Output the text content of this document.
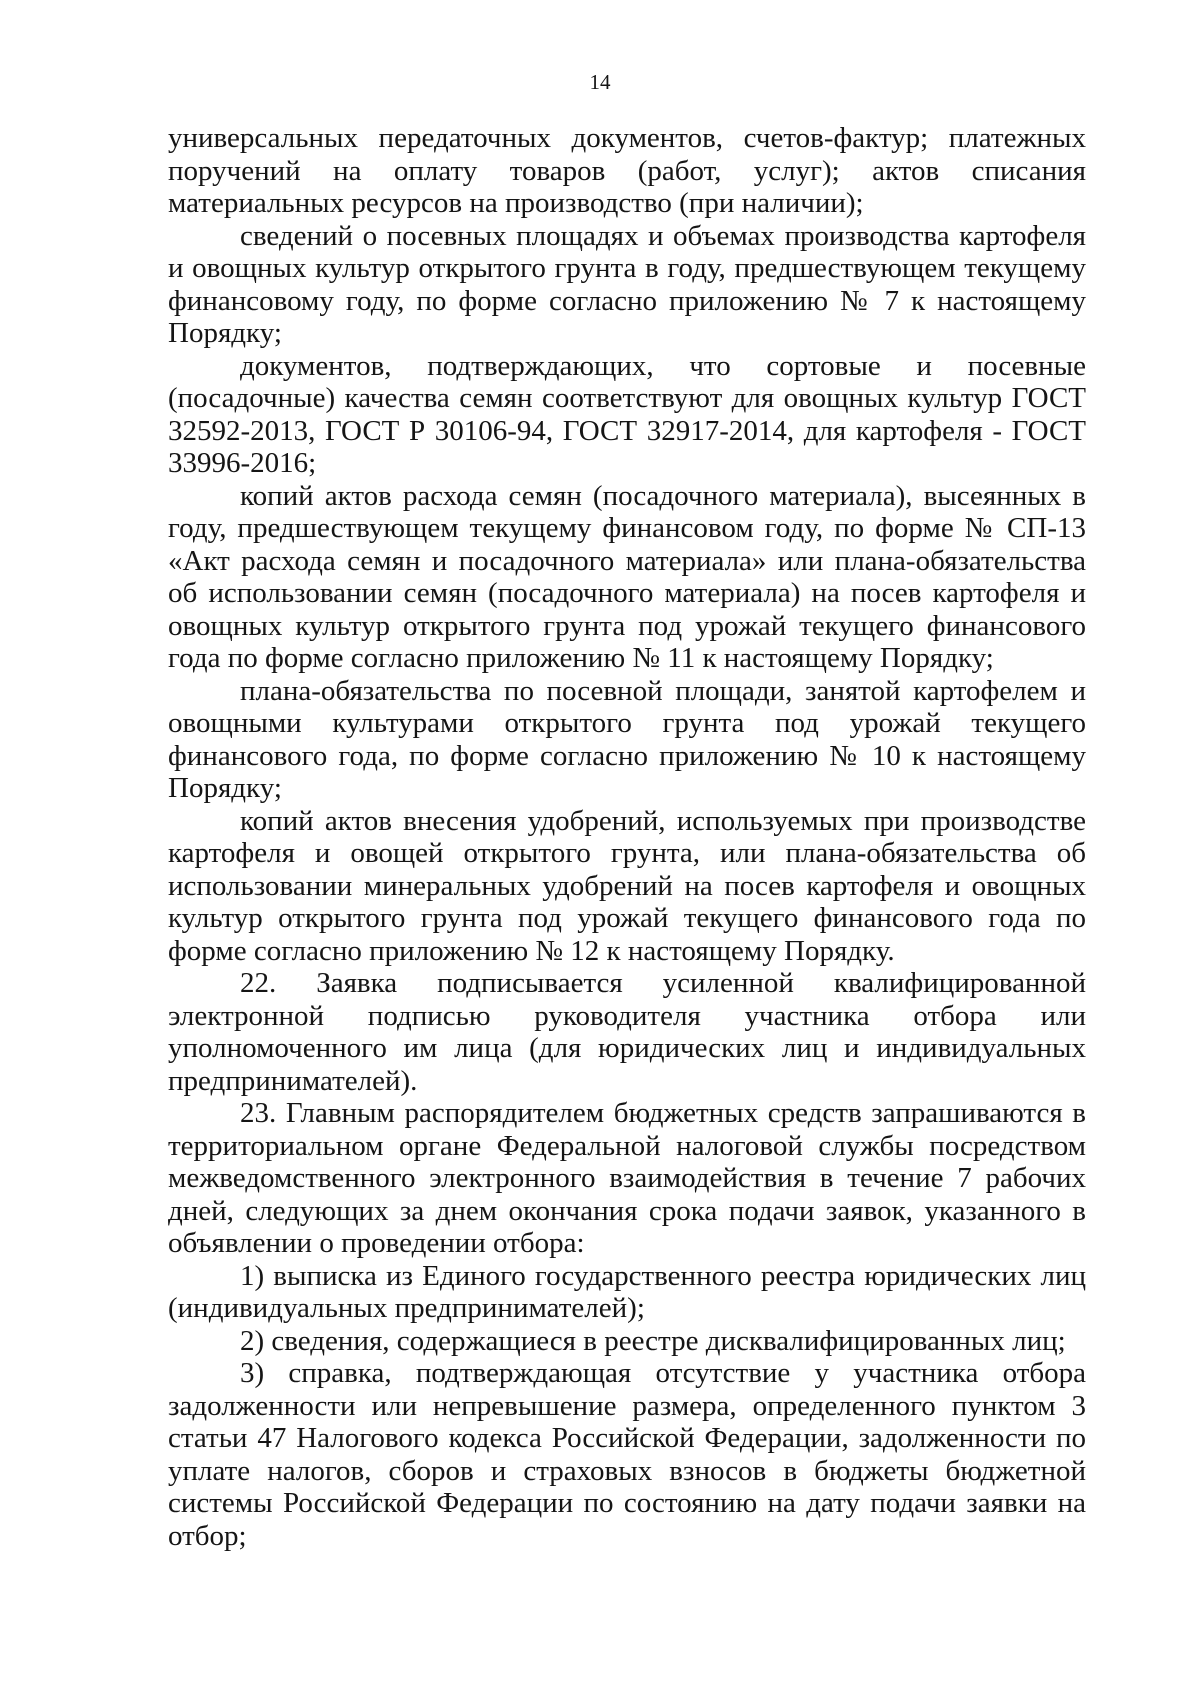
14

универсальных передаточных документов, счетов-фактур; платежных поручений на оплату товаров (работ, услуг); актов списания материальных ресурсов на производство (при наличии);

сведений о посевных площадях и объемах производства картофеля и овощных культур открытого грунта в году, предшествующем текущему финансовому году, по форме согласно приложению № 7 к настоящему Порядку;

документов, подтверждающих, что сортовые и посевные (посадочные) качества семян соответствуют для овощных культур ГОСТ 32592-2013, ГОСТ Р 30106-94, ГОСТ 32917-2014, для картофеля - ГОСТ 33996-2016;

копий актов расхода семян (посадочного материала), высеянных в году, предшествующем текущему финансовом году, по форме № СП-13 «Акт расхода семян и посадочного материала» или плана-обязательства об использовании семян (посадочного материала) на посев картофеля и овощных культур открытого грунта под урожай текущего финансового года по форме согласно приложению № 11 к настоящему Порядку;

плана-обязательства по посевной площади, занятой картофелем и овощными культурами открытого грунта под урожай текущего финансового года, по форме согласно приложению № 10 к настоящему Порядку;

копий актов внесения удобрений, используемых при производстве картофеля и овощей открытого грунта, или плана-обязательства об использовании минеральных удобрений на посев картофеля и овощных культур открытого грунта под урожай текущего финансового года по форме согласно приложению № 12 к настоящему Порядку.

22. Заявка подписывается усиленной квалифицированной электронной подписью руководителя участника отбора или уполномоченного им лица (для юридических лиц и индивидуальных предпринимателей).

23. Главным распорядителем бюджетных средств запрашиваются в территориальном органе Федеральной налоговой службы посредством межведомственного электронного взаимодействия в течение 7 рабочих дней, следующих за днем окончания срока подачи заявок, указанного в объявлении о проведении отбора:

1) выписка из Единого государственного реестра юридических лиц (индивидуальных предпринимателей);

2) сведения, содержащиеся в реестре дисквалифицированных лиц;

3) справка, подтверждающая отсутствие у участника отбора задолженности или непревышение размера, определенного пунктом 3 статьи 47 Налогового кодекса Российской Федерации, задолженности по уплате налогов, сборов и страховых взносов в бюджеты бюджетной системы Российской Федерации по состоянию на дату подачи заявки на отбор;
